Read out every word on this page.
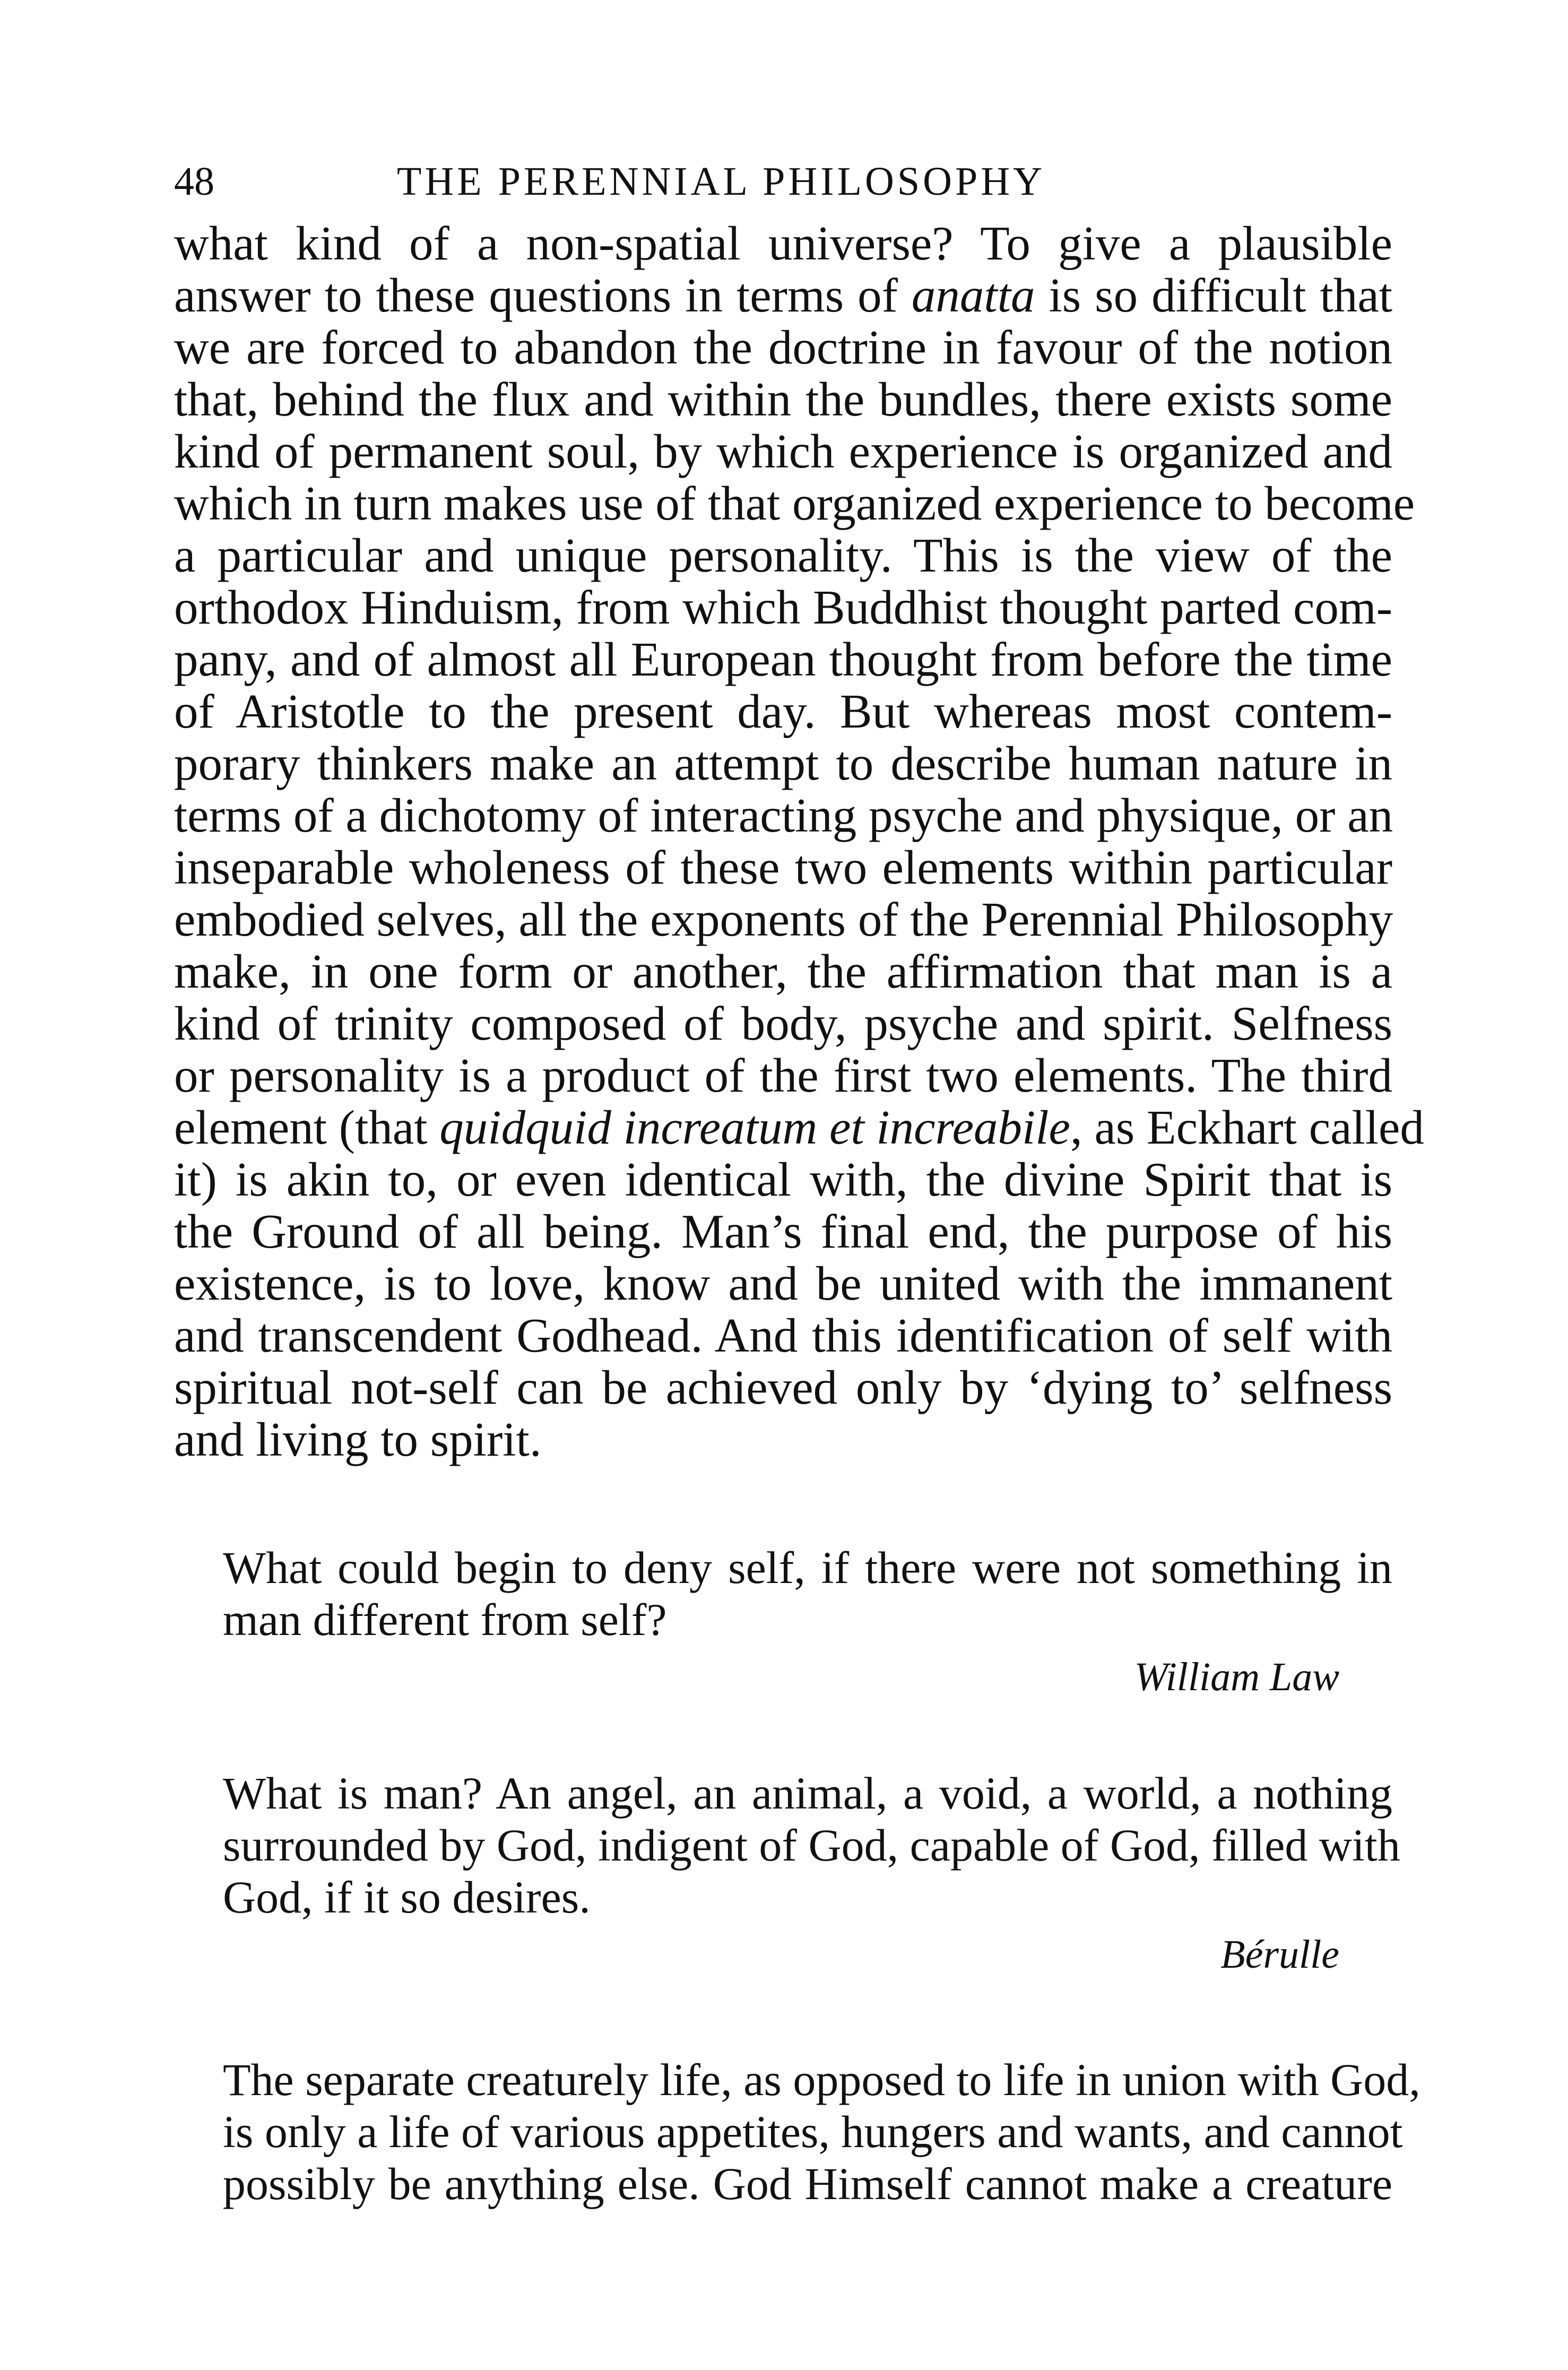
48	THE PERENNIAL PHILOSOPHY
what kind of a non-spatial universe? To give a plausible
answer to these questions in terms of anatta is so difficult that
we are forced to abandon the doctrine in favour of the notion
that, behind the flux and within the bundles, there exists some
kind of permanent soul, by which experience is organized and
which in turn makes use of that organized experience to become
a particular and unique personality. This is the view of the
orthodox Hinduism, from which Buddhist thought parted com-
pany, and of almost all European thought from before the time
of Aristotle to the present day. But whereas most contem-
porary thinkers make an attempt to describe human nature in
terms of a dichotomy of interacting psyche and physique, or an
inseparable wholeness of these two elements within particular
embodied selves, all the exponents of the Perennial Philosophy
make, in one form or another, the affirmation that man is a
kind of trinity composed of body, psyche and spirit. Selfness
or personality is a product of the first two elements. The third
element (that quidquid increatum et increabile, as Eckhart called
it) is akin to, or even identical with, the divine Spirit that is
the Ground of all being. Man’s final end, the purpose of his
existence, is to love, know and be united with the immanent
and transcendent Godhead. And this identification of self with
spiritual not-self can be achieved only by ‘dying to’ selfness
and living to spirit.
What could begin to deny self, if there were not something in
man different from self?
William Law
What is man? An angel, an animal, a void, a world, a nothing
surrounded by God, indigent of God, capable of God, filled with
God, if it so desires.
Bérulle
The separate creaturely life, as opposed to life in union with God,
is only a life of various appetites, hungers and wants, and cannot
possibly be anything else. God Himself cannot make a creature
